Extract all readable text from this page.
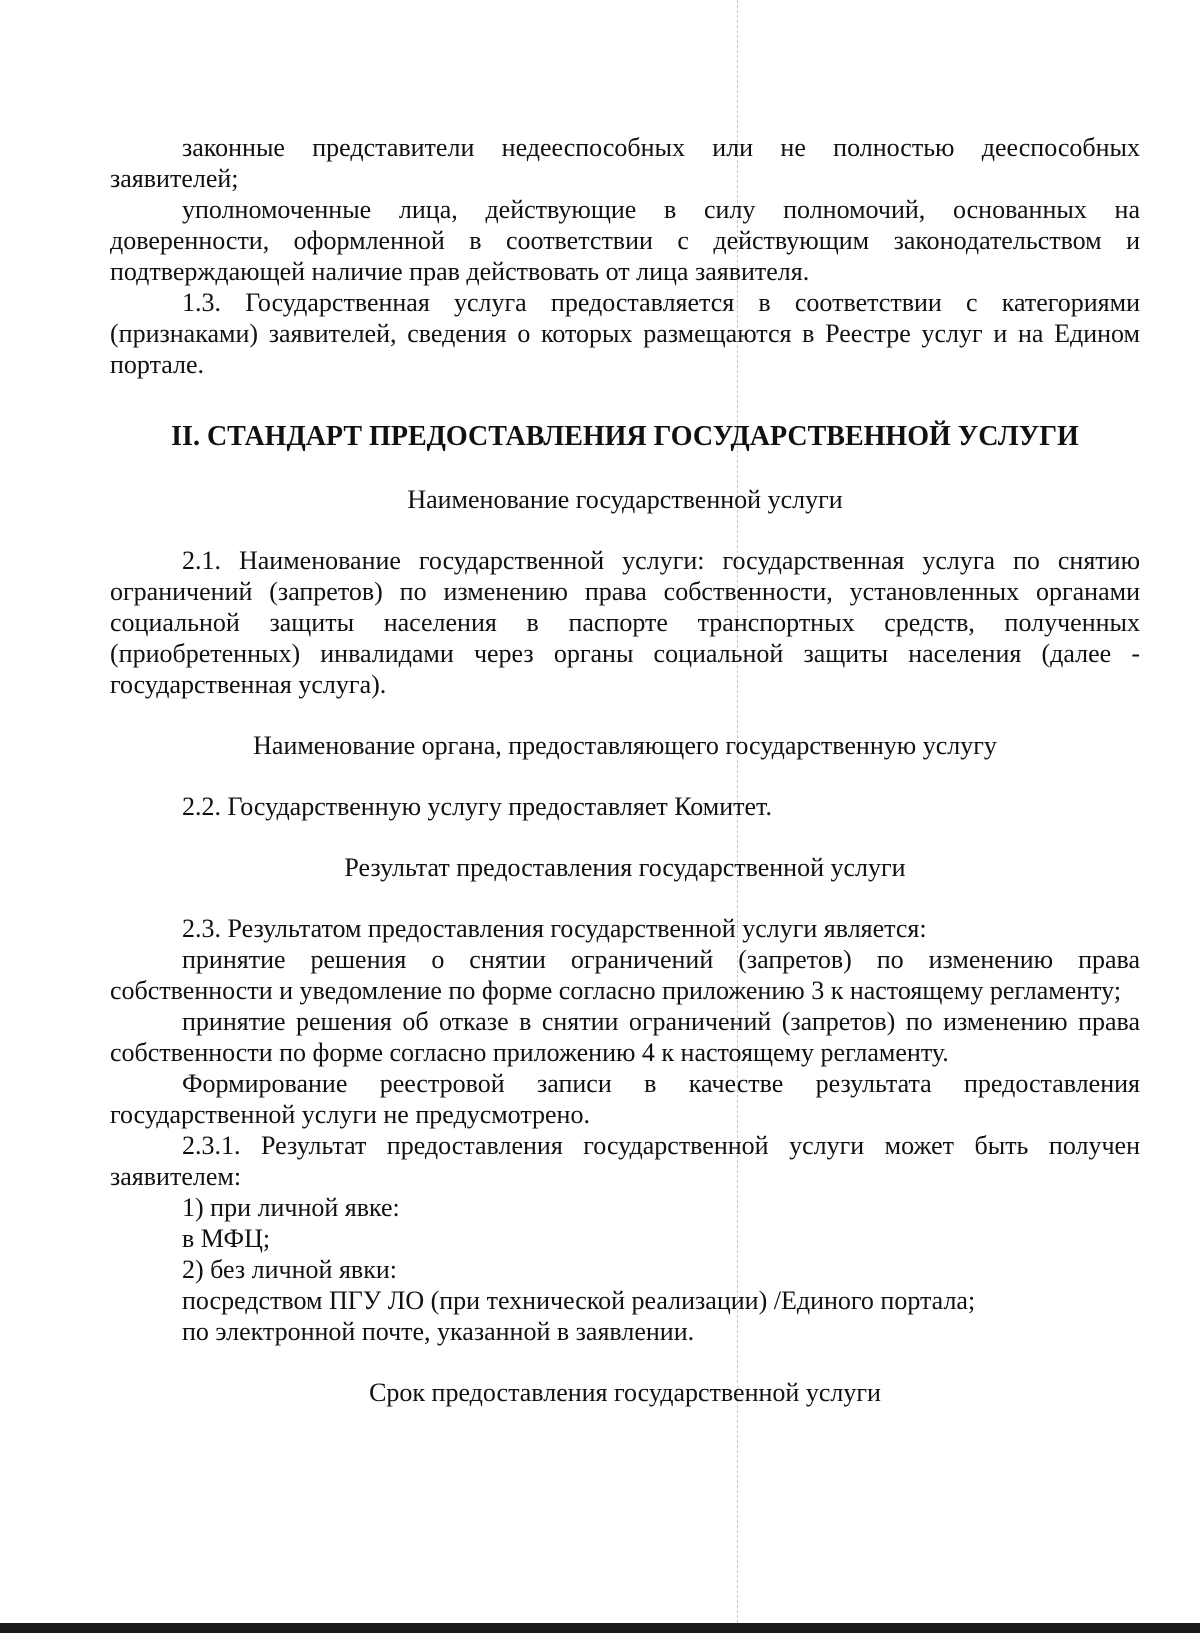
законные представители недееспособных или не полностью дееспособных заявителей;

уполномоченные лица, действующие в силу полномочий, основанных на доверенности, оформленной в соответствии с действующим законодательством и подтверждающей наличие прав действовать от лица заявителя.

1.3. Государственная услуга предоставляется в соответствии с категориями (признаками) заявителей, сведения о которых размещаются в Реестре услуг и на Едином портале.

II. СТАНДАРТ ПРЕДОСТАВЛЕНИЯ ГОСУДАРСТВЕННОЙ УСЛУГИ

Наименование государственной услуги

2.1. Наименование государственной услуги: государственная услуга по снятию ограничений (запретов) по изменению права собственности, установленных органами социальной защиты населения в паспорте транспортных средств, полученных (приобретенных) инвалидами через органы социальной защиты населения (далее - государственная услуга).

Наименование органа, предоставляющего государственную услугу

2.2. Государственную услугу предоставляет Комитет.

Результат предоставления государственной услуги

2.3. Результатом предоставления государственной услуги является:

принятие решения о снятии ограничений (запретов) по изменению права собственности и уведомление по форме согласно приложению 3 к настоящему регламенту;

принятие решения об отказе в снятии ограничений (запретов) по изменению права собственности по форме согласно приложению 4 к настоящему регламенту.

Формирование реестровой записи в качестве результата предоставления государственной услуги не предусмотрено.

2.3.1. Результат предоставления государственной услуги может быть получен заявителем:

1) при личной явке:

в МФЦ;

2) без личной явки:

посредством ПГУ ЛО (при технической реализации) /Единого портала;

по электронной почте, указанной в заявлении.

Срок предоставления государственной услуги
